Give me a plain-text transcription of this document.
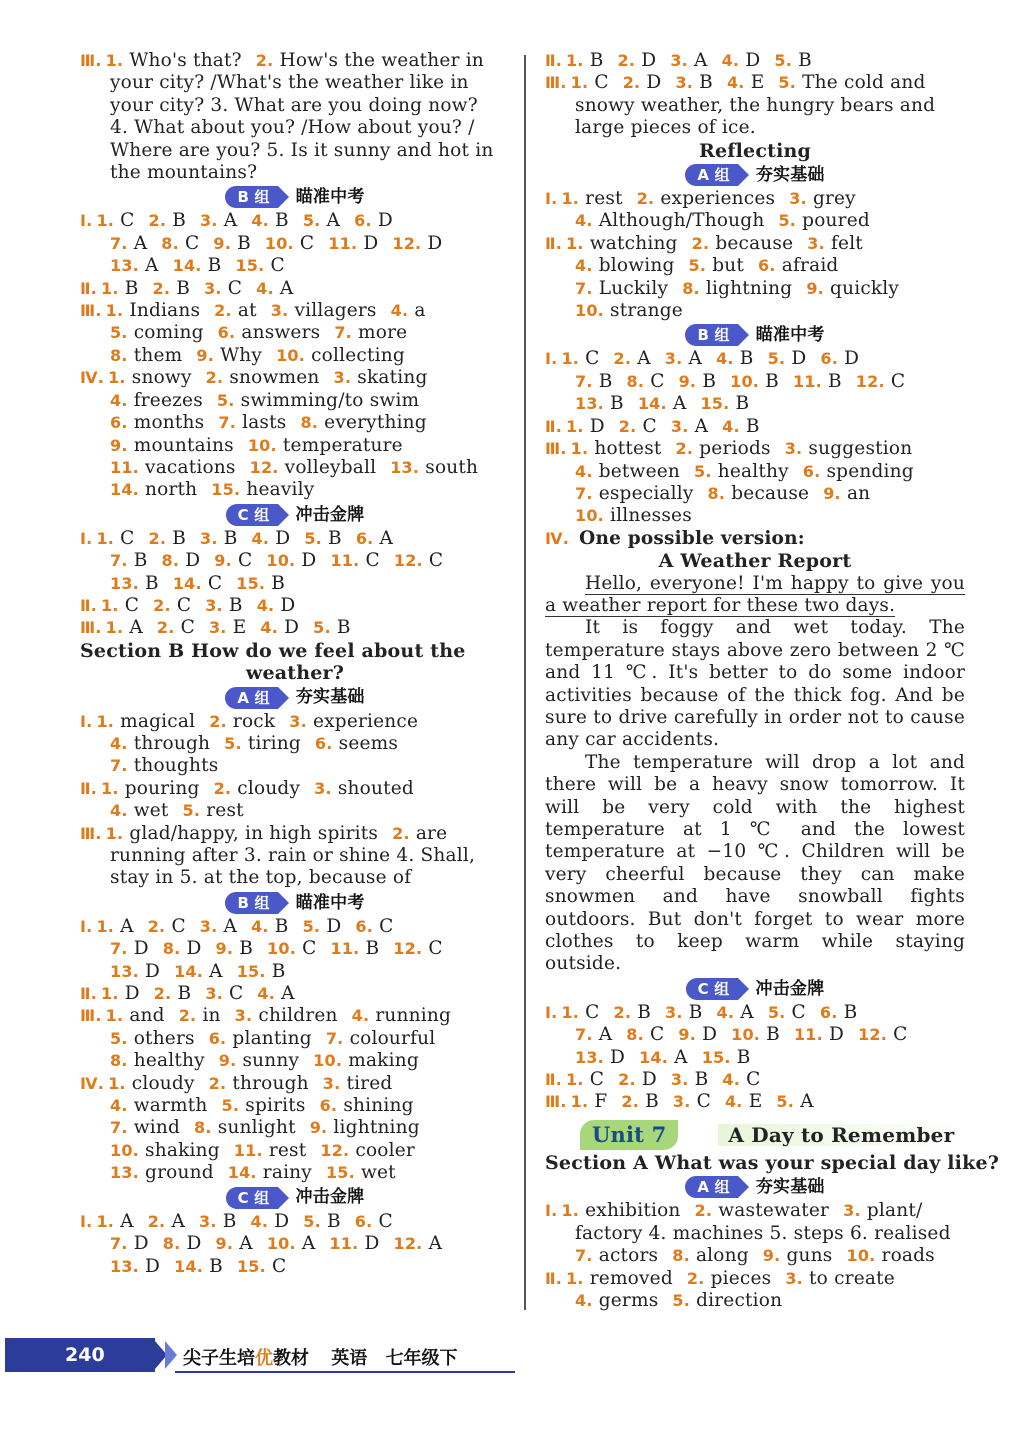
Ⅲ. 1. Who's that? 2. How's the weather in
your city? /What's the weather like in
your city? 3. What are you doing now?
4. What about you? /How about you? /
Where are you? 5. Is it sunny and hot in
the mountains?
B 组	瞄准中考
Ⅰ. 1. C 2. B 3. A 4. B 5. A 6. D
7. A 8. C 9. B 10. C 11. D 12. D
13. A 14. B 15. C
Ⅱ. 1. B 2. B 3. C 4. A
Ⅲ. 1. Indians 2. at 3. villagers 4. a
5. coming 6. answers 7. more
8. them 9. Why 10. collecting
Ⅳ. 1. snowy 2. snowmen 3. skating
4. freezes 5. swimming/to swim
6. months 7. lasts 8. everything
9. mountains 10. temperature
11. vacations 12. volleyball 13. south
14. north 15. heavily
C 组	冲击金牌
Ⅰ. 1. C 2. B 3. B 4. D 5. B 6. A
7. B 8. D 9. C 10. D 11. C 12. C
13. B 14. C 15. B
Ⅱ. 1. C 2. C 3. B 4. D
Ⅲ. 1. A 2. C 3. E 4. D 5. B
Section B How do we feel about the
weather?
A 组	夯实基础
Ⅰ. 1. magical 2. rock 3. experience
4. through 5. tiring 6. seems
7. thoughts
Ⅱ. 1. pouring 2. cloudy 3. shouted
4. wet 5. rest
Ⅲ. 1. glad/happy, in high spirits 2. are
running after 3. rain or shine 4. Shall,
stay in 5. at the top, because of
B 组	瞄准中考
Ⅰ. 1. A 2. C 3. A 4. B 5. D 6. C
7. D 8. D 9. B 10. C 11. B 12. C
13. D 14. A 15. B
Ⅱ. 1. D 2. B 3. C 4. A
Ⅲ. 1. and 2. in 3. children 4. running
5. others 6. planting 7. colourful
8. healthy 9. sunny 10. making
Ⅳ. 1. cloudy 2. through 3. tired
4. warmth 5. spirits 6. shining
7. wind 8. sunlight 9. lightning
10. shaking 11. rest 12. cooler
13. ground 14. rainy 15. wet
C 组	冲击金牌
Ⅰ. 1. A 2. A 3. B 4. D 5. B 6. C
7. D 8. D 9. A 10. A 11. D 12. A
13. D 14. B 15. C
Ⅱ. 1. B 2. D 3. A 4. D 5. B
Ⅲ. 1. C 2. D 3. B 4. E 5. The cold and
snowy weather, the hungry bears and
large pieces of ice.
Reflecting
A 组	夯实基础
Ⅰ. 1. rest 2. experiences 3. grey
4. Although/Though 5. poured
Ⅱ. 1. watching 2. because 3. felt
4. blowing 5. but 6. afraid
7. Luckily 8. lightning 9. quickly
10. strange
B 组	瞄准中考
Ⅰ. 1. C 2. A 3. A 4. B 5. D 6. D
7. B 8. C 9. B 10. B 11. B 12. C
13. B 14. A 15. B
Ⅱ. 1. D 2. C 3. A 4. B
Ⅲ. 1. hottest 2. periods 3. suggestion
4. between 5. healthy 6. spending
7. especially 8. because 9. an
10. illnesses
Ⅳ. One possible version:
A Weather Report
Hello, everyone! I'm happy to give you a weather report for these two days.
It is foggy and wet today. The temperature stays above zero between 2 ℃ and 11 ℃. It's better to do some indoor activities because of the thick fog. And be sure to drive carefully in order not to cause any car accidents.
The temperature will drop a lot and there will be a heavy snow tomorrow. It will be very cold with the highest temperature at 1 ℃ and the lowest temperature at −10 ℃. Children will be very cheerful because they can make snowmen and have snowball fights outdoors. But don't forget to wear more clothes to keep warm while staying outside.
C 组	冲击金牌
Ⅰ. 1. C 2. B 3. B 4. A 5. C 6. B
7. A 8. C 9. D 10. B 11. D 12. C
13. D 14. A 15. B
Ⅱ. 1. C 2. D 3. B 4. C
Ⅲ. 1. F 2. B 3. C 4. E 5. A
Unit 7	A Day to Remember
Section A What was your special day like?
A 组	夯实基础
Ⅰ. 1. exhibition 2. wastewater 3. plant/
factory 4. machines 5. steps 6. realised
7. actors 8. along 9. guns 10. roads
Ⅱ. 1. removed 2. pieces 3. to create
4. germs 5. direction
240	尖子生培优教材 英语 七年级下
